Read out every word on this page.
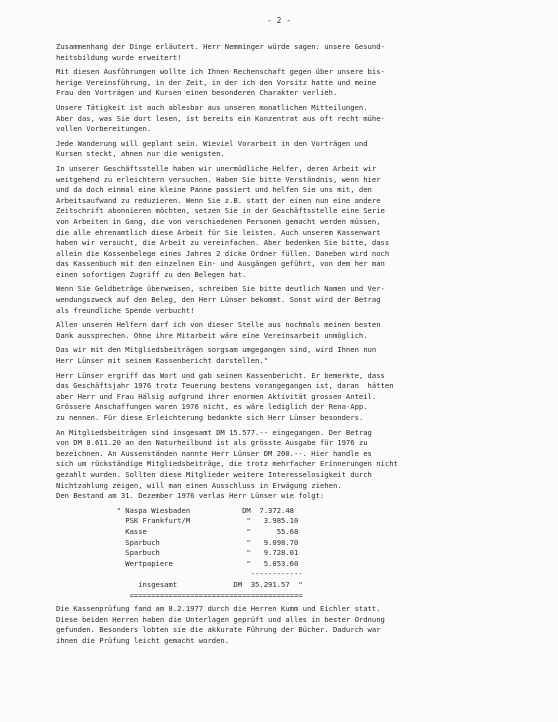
- 2 -
Zusammenhang der Dinge erläutert. Herr Nemminger würde sagen: unsere Gesund-
heitsbildung wurde erweitert!
Mit diesen Ausführungen wollte ich Ihnen Rechenschaft gegen über unsere bis-
herige Vereinsführung, in der Zeit, in der ich den Vorsitz hatte und meine
Frau den Vorträgen und Kursen einen besonderen Charakter verlieh.
Unsere Tätigkeit ist auch ablesbar aus unseren monatlichen Mitteilungen.
Aber das, was Sie dort lesen, ist bereits ein Konzentrat aus oft recht mühe-
vollen Vorbereitungen.
Jede Wanderung will geplant sein. Wieviel Vorarbeit in den Vorträgen und
Kursen steckt, ahnen nur die wenigsten.
In unserer Geschäftsstelle haben wir unermüdliche Helfer, deren Arbeit wir
weitgehend zu erleichtern versuchen. Haben Sie bitte Verständnis, wenn hier
und da doch einmal eine kleine Panne passiert und helfen Sie uns mit, den
Arbeitsaufwand zu reduzieren. Wenn Sie z.B. statt der einen nun eine andere
Zeitschrift abonnieren möchten, setzen Sie in der Geschäftsstelle eine Serie
von Arbeiten in Gang, die von verschiedenen Personen gemacht werden müssen,
die alle ehrenamtlich diese Arbeit für Sie leisten. Auch unserem Kassenwart
haben wir versucht, die Arbeit zu vereinfachen. Aber bedenken Sie bitte, dass
allein die Kassenbelege eines Jahres 2 dicke Ordner füllen. Daneben wird noch
das Kassenbuch mit den einzelnen Ein- und Ausgängen geführt, von dem her man
einen sofortigen Zugriff zu den Belegen hat.
Wenn Sie Geldbeträge überweisen, schreiben Sie bitte deutlich Namen und Ver-
wendungszweck auf den Beleg, den Herr Lünser bekommt. Sonst wird der Betrag
als freundliche Spende verbucht!
Allen unseren Helfern darf ich von dieser Stelle aus nochmals meinen besten
Dank aussprechen. Ohne ihre Mitarbeit wäre eine Vereinsarbeit unmöglich.
Das wir mit den Mitgliedsbeiträgen sorgsam umgegangen sind, wird Ihnen nun
Herr Lünser mit seinem Kassenbericht darstellen."
Herr Lünser ergriff das Wort und gab seinen Kassenbericht. Er bemerkte, dass
das Geschäftsjahr 1976 trotz Teuerung bestens vorangegangen ist, daran  hätten
aber Herr und Frau Hälsig aufgrund ihrer enormen Aktivität grossen Anteil.
Grössere Anschaffungen waren 1976 nicht, es wäre lediglich der Rena-App.
zu nennen. Für diese Erleichterung bedankte sich Herr Lünser besonders.
An Mitgliedsbeiträgen sind insgesamt DM 15.577.-- eingegangen. Der Betrag
von DM 8.611.20 an den Naturheilbund ist als grösste Ausgabe für 1976 zu
bezeichnen. An Aussenständen nannte Herr Lünser DM 200.--. Hier handle es
sich um rückständige Mitgliedsbeiträge, die trotz mehrfacher Erinnerungen nicht
gezahlt wurden. Sollten diese Mitglieder weitere Interesselosigkeit durch
Nichtzahlung zeigen, will man einen Ausschluss in Erwägung ziehen.
Den Bestand am 31. Dezember 1976 verlas Herr Lünser wie folgt:
" Naspa Wiesbaden            DM  7.372.48
PSK Frankfurt/M             "   3.985.10
Kasse                       "      55.68
Sparbuch                    "   9.098.70
Sparbuch                    "   9.728.01
Wertpapiere                 "   5.053.60
------------
insgesamt             DM  35.291.57  "
========================================
Die Kassenprüfung fand am 8.2.1977 durch die Herren Kumm und Eichler statt.
Diese beiden Herren haben die Unterlagen geprüft und alles in bester Ordnung
gefunden. Besonders lobten sie die akkurate Führung der Bücher. Dadurch war
ihnen die Prüfung leicht gemacht worden.
